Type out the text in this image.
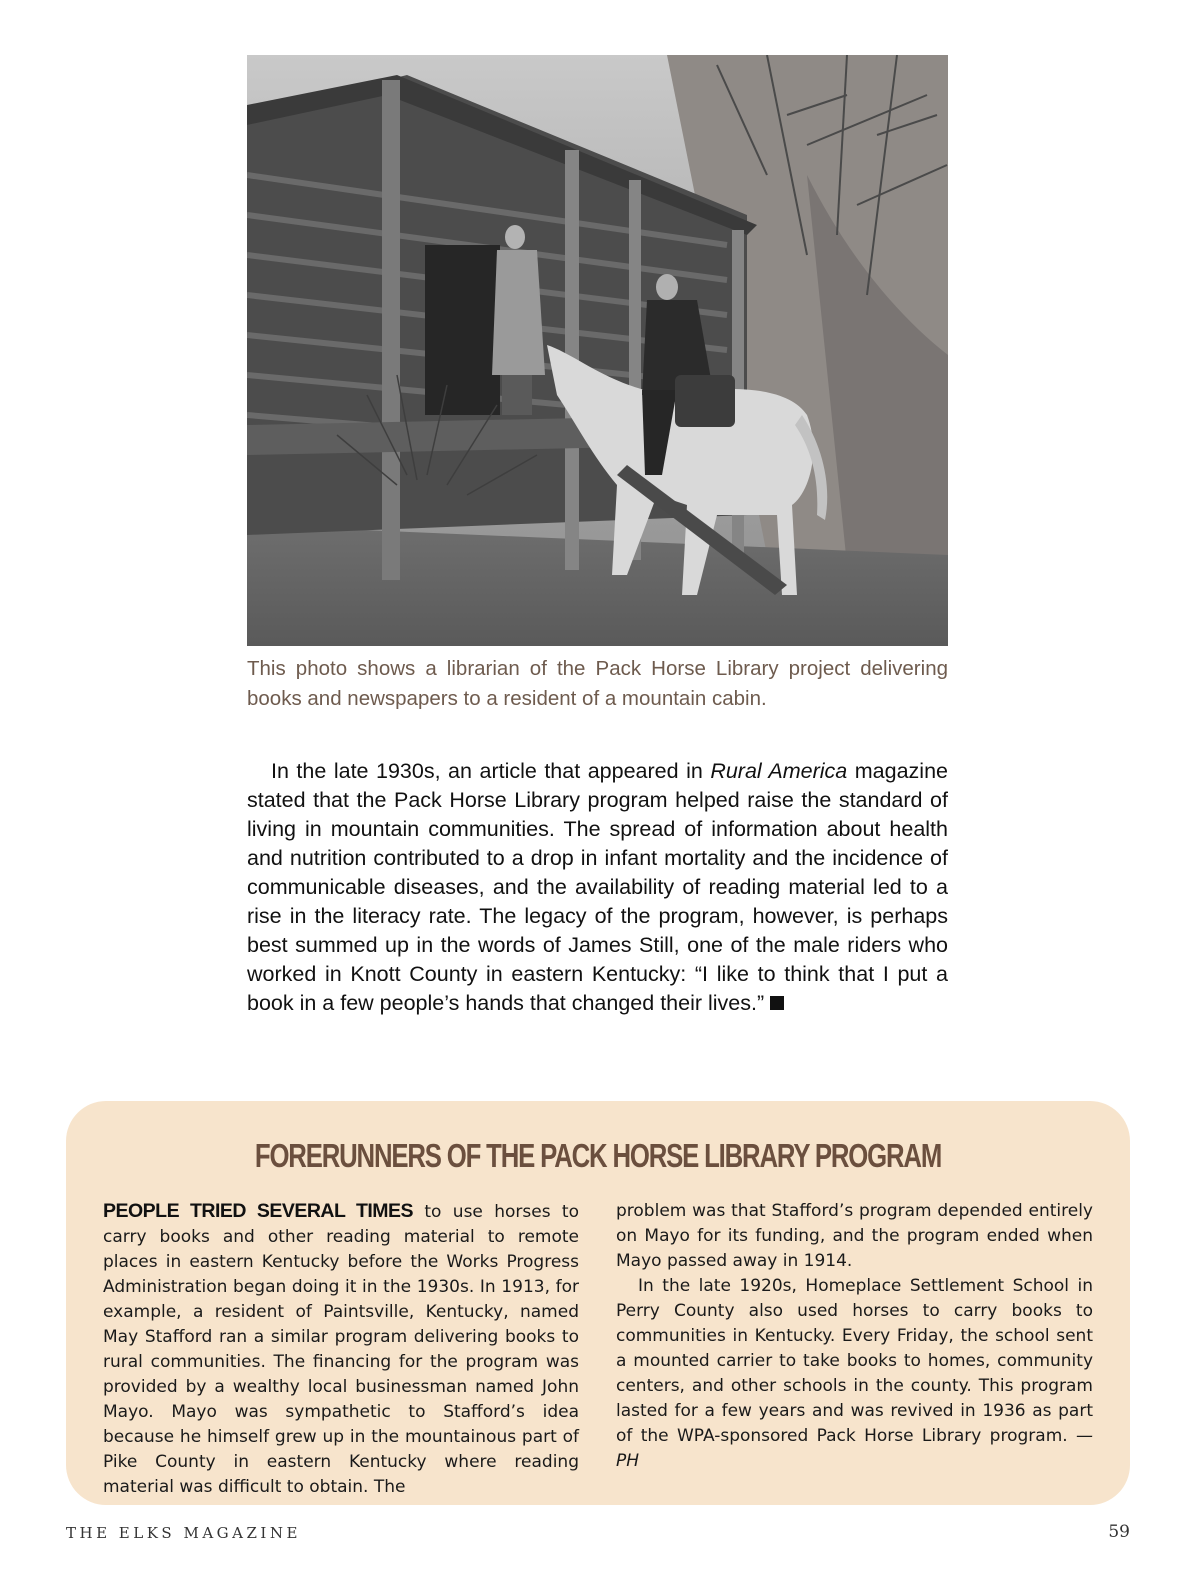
This photo shows a librarian of the Pack Horse Library project delivering books and newspapers to a resident of a mountain cabin.

In the late 1930s, an article that appeared in Rural America magazine stated that the Pack Horse Library program helped raise the standard of living in mountain communities. The spread of information about health and nutrition contributed to a drop in infant mortality and the incidence of communicable diseases, and the availability of reading material led to a rise in the literacy rate. The legacy of the program, however, is perhaps best summed up in the words of James Still, one of the male riders who worked in Knott County in eastern Kentucky: “I like to think that I put a book in a few people’s hands that changed their lives.”

FORERUNNERS OF THE PACK HORSE LIBRARY PROGRAM

PEOPLE TRIED SEVERAL TIMES to use horses to carry books and other reading material to remote places in eastern Kentucky before the Works Progress Administration began doing it in the 1930s. In 1913, for example, a resident of Paintsville, Kentucky, named May Stafford ran a similar program delivering books to rural communities. The financing for the program was provided by a wealthy local businessman named John Mayo. Mayo was sympathetic to Stafford’s idea because he himself grew up in the mountainous part of Pike County in eastern Kentucky where reading material was difficult to obtain. The

problem was that Stafford’s program depended entirely on Mayo for its funding, and the program ended when Mayo passed away in 1914.

In the late 1920s, Homeplace Settlement School in Perry County also used horses to carry books to communities in Kentucky. Every Friday, the school sent a mounted carrier to take books to homes, community centers, and other schools in the county. This program lasted for a few years and was revived in 1936 as part of the WPA-sponsored Pack Horse Library program. —PH

THE ELKS MAGAZINE	59
